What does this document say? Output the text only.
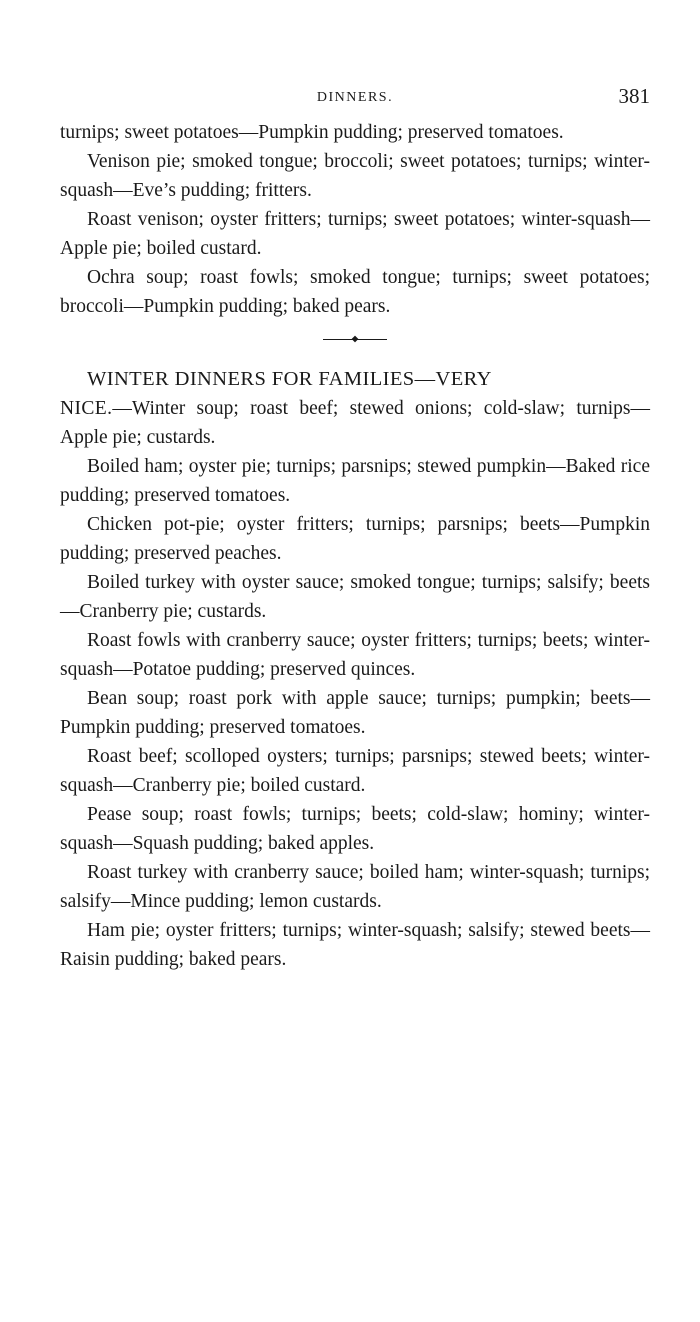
DINNERS.	381

turnips; sweet potatoes—Pumpkin pudding; preserved tomatoes.

Venison pie; smoked tongue; broccoli; sweet potatoes; turnips; winter-squash—Eve’s pudding; fritters.

Roast venison; oyster fritters; turnips; sweet potatoes; winter-squash—Apple pie; boiled custard.

Ochra soup; roast fowls; smoked tongue; turnips; sweet potatoes; broccoli—Pumpkin pudding; baked pears.

WINTER DINNERS FOR FAMILIES—VERY

NICE.—Winter soup; roast beef; stewed onions; cold-slaw; turnips—Apple pie; custards.

Boiled ham; oyster pie; turnips; parsnips; stewed pumpkin—Baked rice pudding; preserved tomatoes.

Chicken pot-pie; oyster fritters; turnips; parsnips; beets—Pumpkin pudding; preserved peaches.

Boiled turkey with oyster sauce; smoked tongue; turnips; salsify; beets—Cranberry pie; custards.

Roast fowls with cranberry sauce; oyster fritters; turnips; beets; winter-squash—Potatoe pudding; preserved quinces.

Bean soup; roast pork with apple sauce; turnips; pumpkin; beets—Pumpkin pudding; preserved tomatoes.

Roast beef; scolloped oysters; turnips; parsnips; stewed beets; winter-squash—Cranberry pie; boiled custard.

Pease soup; roast fowls; turnips; beets; cold-slaw; hominy; winter-squash—Squash pudding; baked apples.

Roast turkey with cranberry sauce; boiled ham; winter-squash; turnips; salsify—Mince pudding; lemon custards.

Ham pie; oyster fritters; turnips; winter-squash; salsify; stewed beets—Raisin pudding; baked pears.
